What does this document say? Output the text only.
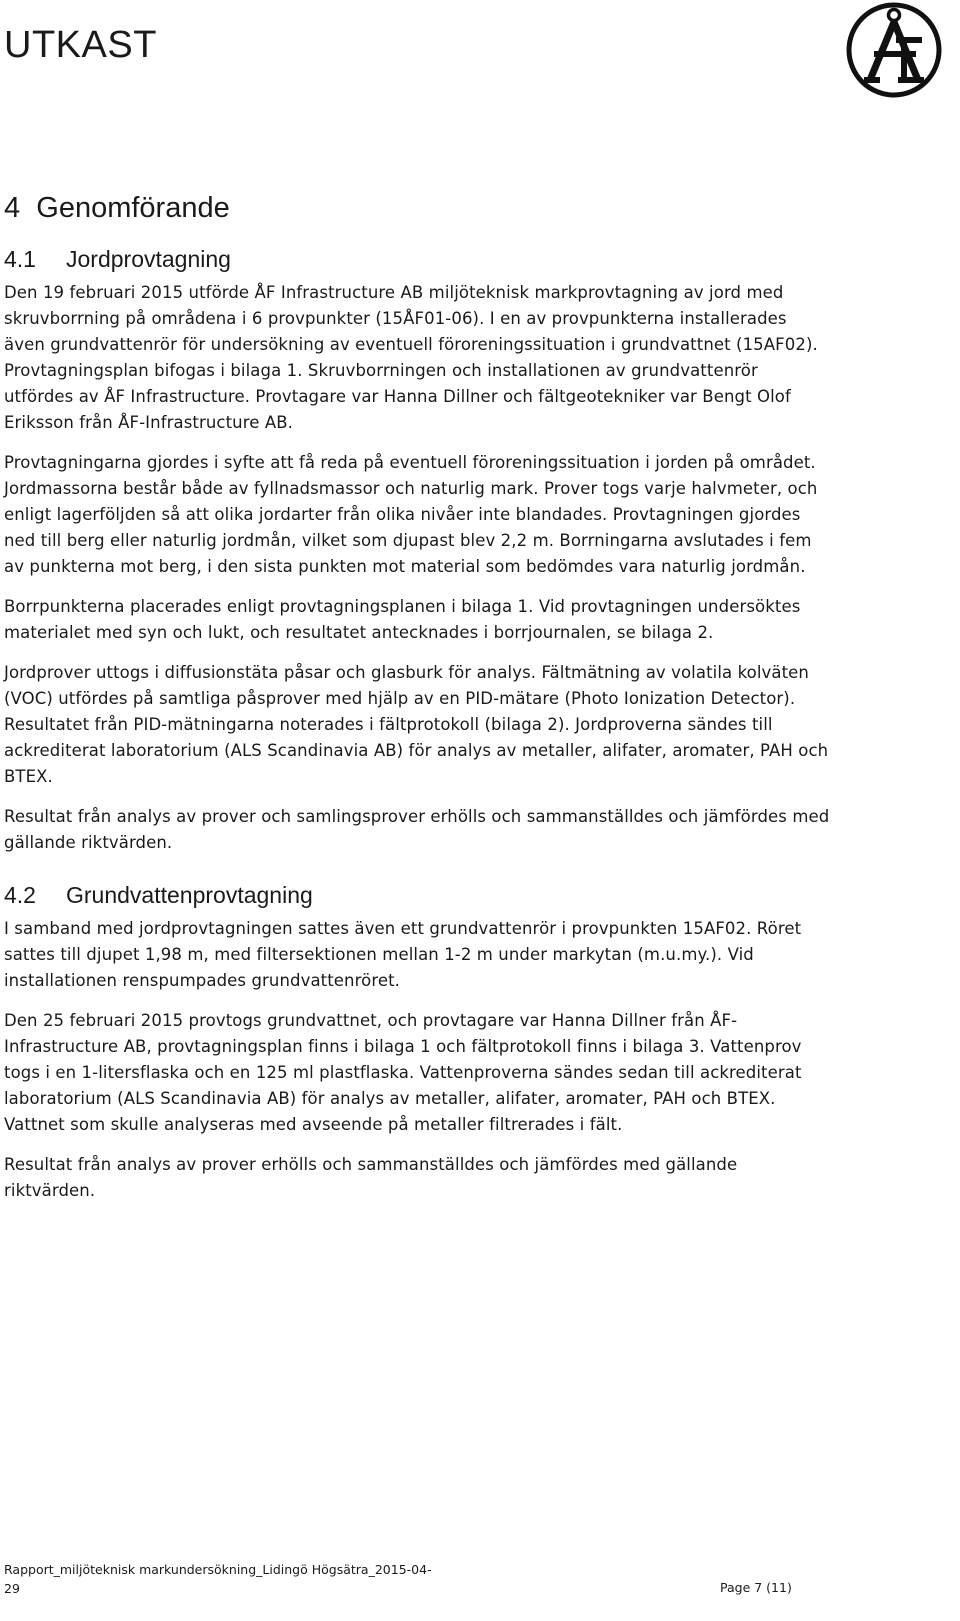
UTKAST
4 Genomförande
4.1	Jordprovtagning

Den 19 februari 2015 utförde ÅF Infrastructure AB miljöteknisk markprovtagning av jord med skruvborrning på områdena i 6 provpunkter (15ÅF01-06). I en av provpunkterna installerades även grundvattenrör för undersökning av eventuell föroreningssituation i grundvattnet (15AF02). Provtagningsplan bifogas i bilaga 1. Skruvborrningen och installationen av grundvattenrör utfördes av ÅF Infrastructure. Provtagare var Hanna Dillner och fältgeotekniker var Bengt Olof Eriksson från ÅF-Infrastructure AB.

Provtagningarna gjordes i syfte att få reda på eventuell föroreningssituation i jorden på området. Jordmassorna består både av fyllnadsmassor och naturlig mark. Prover togs varje halvmeter, och enligt lagerföljden så att olika jordarter från olika nivåer inte blandades. Provtagningen gjordes ned till berg eller naturlig jordmån, vilket som djupast blev 2,2 m. Borrningarna avslutades i fem av punkterna mot berg, i den sista punkten mot material som bedömdes vara naturlig jordmån.

Borrpunkterna placerades enligt provtagningsplanen i bilaga 1. Vid provtagningen undersöktes materialet med syn och lukt, och resultatet antecknades i borrjournalen, se bilaga 2.

Jordprover uttogs i diffusionstäta påsar och glasburk för analys. Fältmätning av volatila kolväten (VOC) utfördes på samtliga påsprover med hjälp av en PID-mätare (Photo Ionization Detector). Resultatet från PID-mätningarna noterades i fältprotokoll (bilaga 2). Jordproverna sändes till ackrediterat laboratorium (ALS Scandinavia AB) för analys av metaller, alifater, aromater, PAH och BTEX.

Resultat från analys av prover och samlingsprover erhölls och sammanställdes och jämfördes med gällande riktvärden.

4.2	Grundvattenprovtagning

I samband med jordprovtagningen sattes även ett grundvattenrör i provpunkten 15AF02. Röret sattes till djupet 1,98 m, med filtersektionen mellan 1-2 m under markytan (m.u.my.). Vid installationen renspumpades grundvattenröret.

Den 25 februari 2015 provtogs grundvattnet, och provtagare var Hanna Dillner från ÅF-Infrastructure AB, provtagningsplan finns i bilaga 1 och fältprotokoll finns i bilaga 3. Vattenprov togs i en 1-litersflaska och en 125 ml plastflaska. Vattenproverna sändes sedan till ackrediterat laboratorium (ALS Scandinavia AB) för analys av metaller, alifater, aromater, PAH och BTEX. Vattnet som skulle analyseras med avseende på metaller filtrerades i fält.

Resultat från analys av prover erhölls och sammanställdes och jämfördes med gällande riktvärden.

Rapport_miljöteknisk markundersökning_Lidingö Högsätra_2015-04-29	Page 7 (11)
